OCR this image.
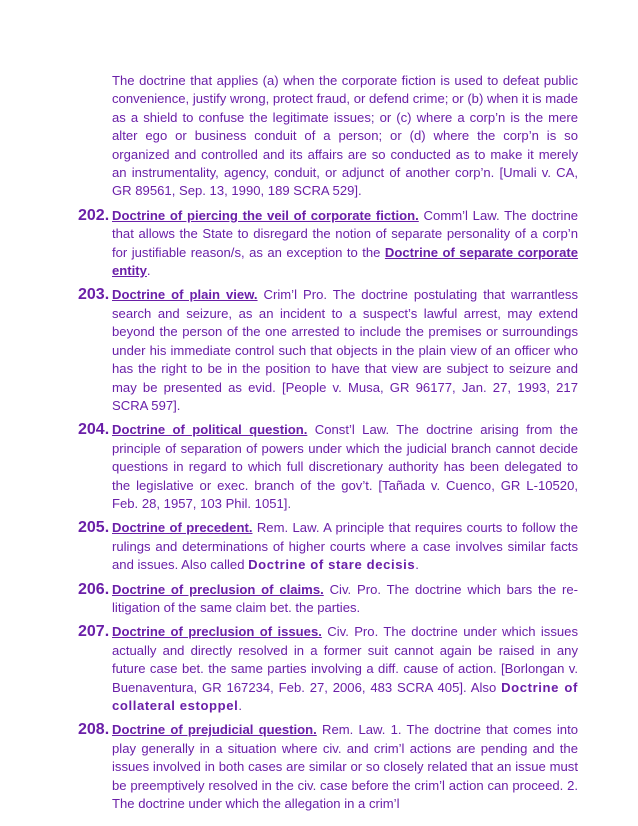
The doctrine that applies (a) when the corporate fiction is used to defeat public convenience, justify wrong, protect fraud, or defend crime; or (b) when it is made as a shield to confuse the legitimate issues; or (c) where a corp’n is the mere alter ego or business conduit of a person; or (d) where the corp’n is so organized and controlled and its affairs are so conducted as to make it merely an instrumentality, agency, conduit, or adjunct of another corp’n. [Umali v. CA, GR 89561, Sep. 13, 1990, 189 SCRA 529].

202. Doctrine of piercing the veil of corporate fiction. Comm’l Law. The doctrine that allows the State to disregard the notion of separate personality of a corp’n for justifiable reason/s, as an exception to the Doctrine of separate corporate entity.

203. Doctrine of plain view. Crim’l Pro. The doctrine postulating that warrantless search and seizure, as an incident to a suspect’s lawful arrest, may extend beyond the person of the one arrested to include the premises or surroundings under his immediate control such that objects in the plain view of an officer who has the right to be in the position to have that view are subject to seizure and may be presented as evid. [People v. Musa, GR 96177, Jan. 27, 1993, 217 SCRA 597].

204. Doctrine of political question. Const’l Law. The doctrine arising from the principle of separation of powers under which the judicial branch cannot decide questions in regard to which full discretionary authority has been delegated to the legislative or exec. branch of the gov’t. [Tañada v. Cuenco, GR L-10520, Feb. 28, 1957, 103 Phil. 1051].

205. Doctrine of precedent. Rem. Law. A principle that requires courts to follow the rulings and determinations of higher courts where a case involves similar facts and issues. Also called Doctrine of stare decisis.

206. Doctrine of preclusion of claims. Civ. Pro. The doctrine which bars the re-litigation of the same claim bet. the parties.

207. Doctrine of preclusion of issues. Civ. Pro. The doctrine under which issues actually and directly resolved in a former suit cannot again be raised in any future case bet. the same parties involving a diff. cause of action. [Borlongan v. Buenaventura, GR 167234, Feb. 27, 2006, 483 SCRA 405]. Also Doctrine of collateral estoppel.

208. Doctrine of prejudicial question. Rem. Law. 1. The doctrine that comes into play generally in a situation where civ. and crim’l actions are pending and the issues involved in both cases are similar or so closely related that an issue must be preemptively resolved in the civ. case before the crim’l action can proceed. 2. The doctrine under which the allegation in a crim’l
